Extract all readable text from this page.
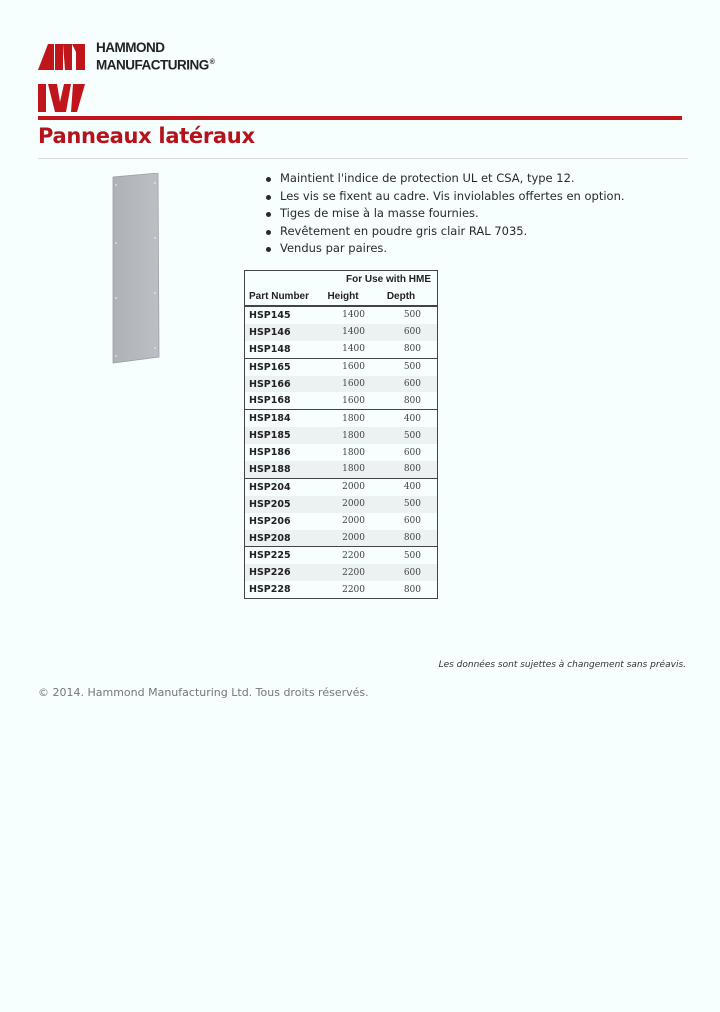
HAMMOND
MANUFACTURING®
Panneaux latéraux
Maintient l'indice de protection UL et CSA, type 12.
Les vis se fixent au cadre. Vis inviolables offertes en option.
Tiges de mise à la masse fournies.
Revêtement en poudre gris clair RAL 7035.
Vendus par paires.
	For Use with HME	
Part Number	Height	Depth
HSP145	1400	500
HSP146	1400	600
HSP148	1400	800
HSP165	1600	500
HSP166	1600	600
HSP168	1600	800
HSP184	1800	400
HSP185	1800	500
HSP186	1800	600
HSP188	1800	800
HSP204	2000	400
HSP205	2000	500
HSP206	2000	600
HSP208	2000	800
HSP225	2200	500
HSP226	2200	600
HSP228	2200	800
Les données sont sujettes à changement sans préavis.
© 2014. Hammond Manufacturing Ltd. Tous droits réservés.
